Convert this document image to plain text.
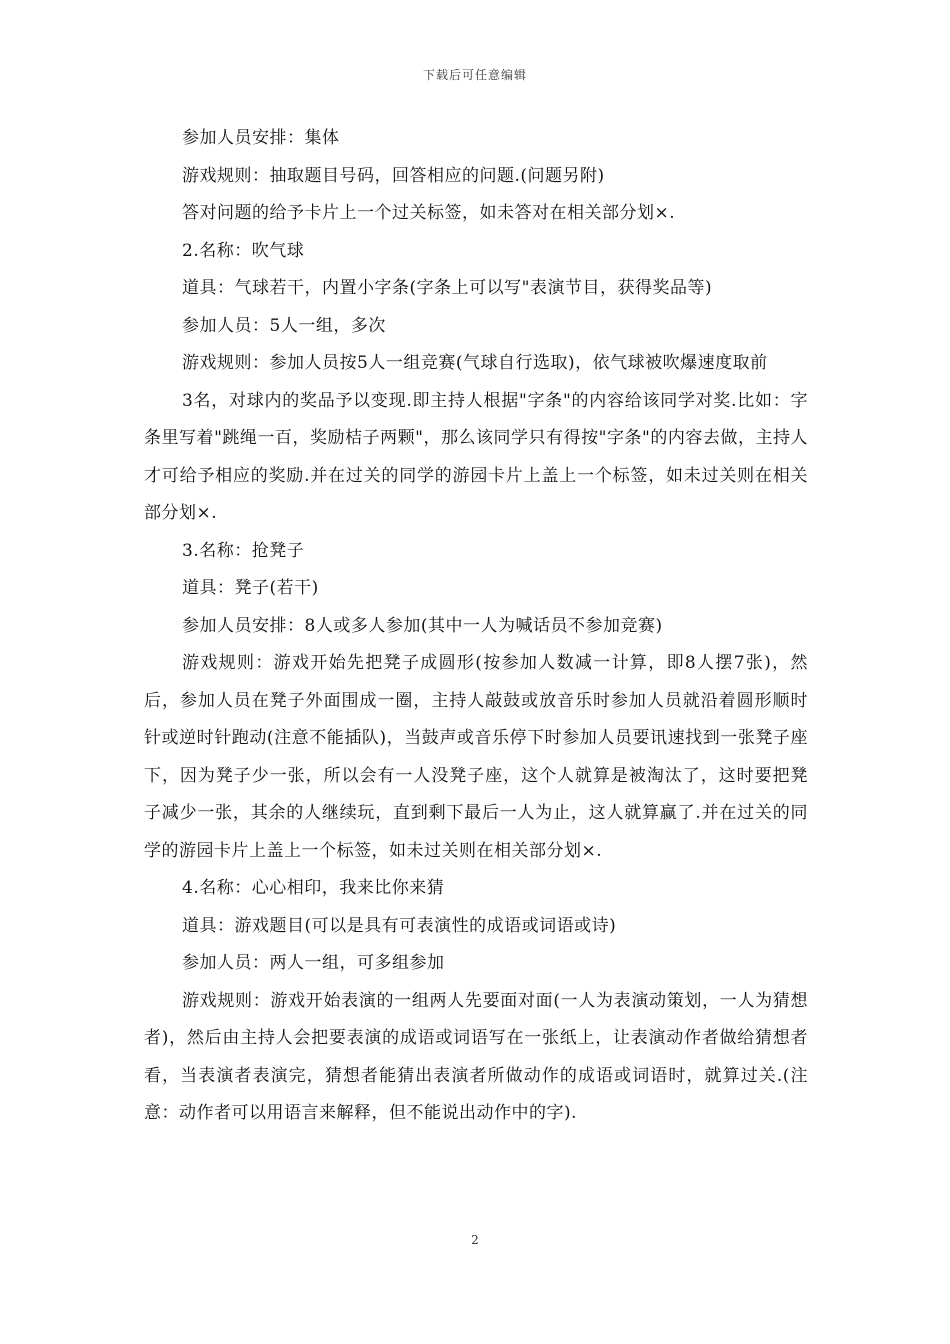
下载后可任意编辑

参加人员安排：集体

游戏规则：抽取题目号码，回答相应的问题.(问题另附)

答对问题的给予卡片上一个过关标签，如未答对在相关部分划×.

2.名称：吹气球

道具：气球若干，内置小字条(字条上可以写"表演节目，获得奖品等)

参加人员：5人一组，多次

游戏规则：参加人员按5人一组竞赛(气球自行选取)，依气球被吹爆速度取前

3名，对球内的奖品予以变现.即主持人根据"字条"的内容给该同学对奖.比如：字条里写着"跳绳一百，奖励桔子两颗"，那么该同学只有得按"字条"的内容去做，主持人才可给予相应的奖励.并在过关的同学的游园卡片上盖上一个标签，如未过关则在相关部分划×.

3.名称：抢凳子

道具：凳子(若干)

参加人员安排：8人或多人参加(其中一人为喊话员不参加竞赛)

游戏规则：游戏开始先把凳子成圆形(按参加人数减一计算，即8人摆7张)，然后，参加人员在凳子外面围成一圈，主持人敲鼓或放音乐时参加人员就沿着圆形顺时针或逆时针跑动(注意不能插队)，当鼓声或音乐停下时参加人员要讯速找到一张凳子座下，因为凳子少一张，所以会有一人没凳子座，这个人就算是被淘汰了，这时要把凳子减少一张，其余的人继续玩，直到剩下最后一人为止，这人就算赢了.并在过关的同学的游园卡片上盖上一个标签，如未过关则在相关部分划×.

4.名称：心心相印，我来比你来猜

道具：游戏题目(可以是具有可表演性的成语或词语或诗)

参加人员：两人一组，可多组参加

游戏规则：游戏开始表演的一组两人先要面对面(一人为表演动策划，一人为猜想者)，然后由主持人会把要表演的成语或词语写在一张纸上，让表演动作者做给猜想者看，当表演者表演完，猜想者能猜出表演者所做动作的成语或词语时，就算过关.(注意：动作者可以用语言来解释，但不能说出动作中的字).

2
